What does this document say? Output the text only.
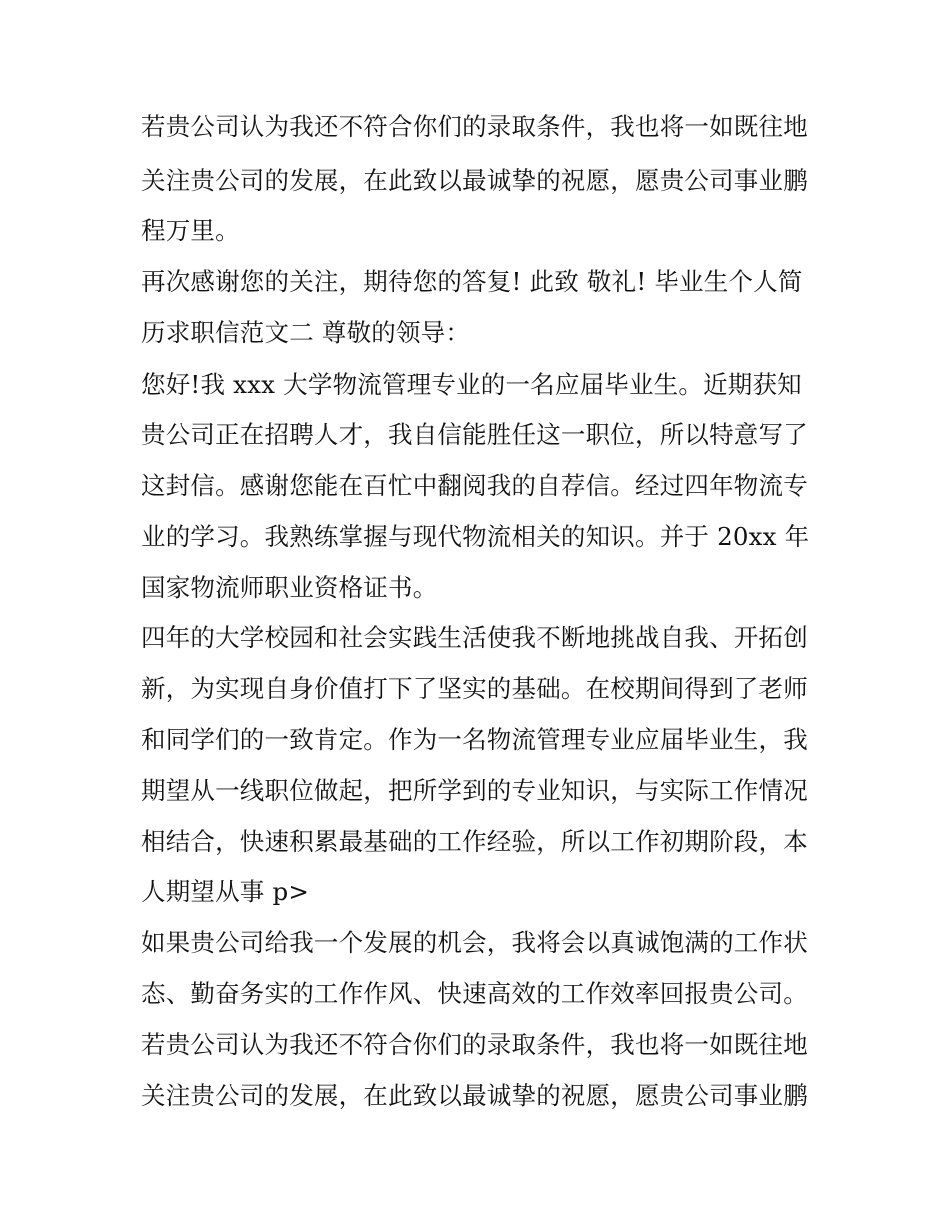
若贵公司认为我还不符合你们的录取条件，我也将一如既往地
关注贵公司的发展，在此致以最诚挚的祝愿，愿贵公司事业鹏
程万里。
再次感谢您的关注，期待您的答复! 此致 敬礼! 毕业生个人简
历求职信范文二 尊敬的领导：
您好!我 xxx 大学物流管理专业的一名应届毕业生。近期获知
贵公司正在招聘人才，我自信能胜任这一职位，所以特意写了
这封信。感谢您能在百忙中翻阅我的自荐信。经过四年物流专
业的学习。我熟练掌握与现代物流相关的知识。并于 20xx 年
国家物流师职业资格证书。
四年的大学校园和社会实践生活使我不断地挑战自我、开拓创
新，为实现自身价值打下了坚实的基础。在校期间得到了老师
和同学们的一致肯定。作为一名物流管理专业应届毕业生，我
期望从一线职位做起，把所学到的专业知识，与实际工作情况
相结合，快速积累最基础的工作经验，所以工作初期阶段，本
人期望从事 p>
如果贵公司给我一个发展的机会，我将会以真诚饱满的工作状
态、勤奋务实的工作作风、快速高效的工作效率回报贵公司。
若贵公司认为我还不符合你们的录取条件，我也将一如既往地
关注贵公司的发展，在此致以最诚挚的祝愿，愿贵公司事业鹏
